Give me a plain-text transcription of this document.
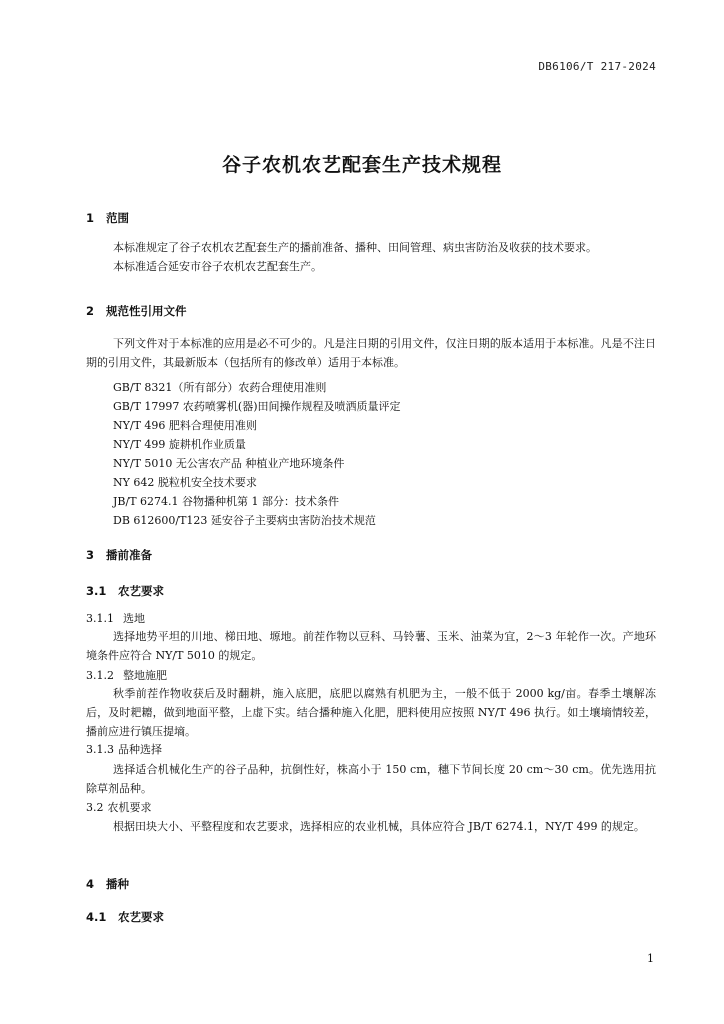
DB6106/T 217-2024
谷子农机农艺配套生产技术规程
1 范围
本标准规定了谷子农机农艺配套生产的播前准备、播种、田间管理、病虫害防治及收获的技术要求。
本标准适合延安市谷子农机农艺配套生产。
2 规范性引用文件
下列文件对于本标准的应用是必不可少的。凡是注日期的引用文件，仅注日期的版本适用于本标准。凡是不注日期的引用文件，其最新版本（包括所有的修改单）适用于本标准。
GB/T 8321（所有部分）农药合理使用准则
GB/T 17997 农药喷雾机(器)田间操作规程及喷洒质量评定
NY/T 496 肥料合理使用准则
NY/T 499 旋耕机作业质量
NY/T 5010 无公害农产品 种植业产地环境条件
NY 642 脱粒机安全技术要求
JB/T 6274.1 谷物播种机第 1 部分：技术条件
DB 612600/T123 延安谷子主要病虫害防治技术规范
3 播前准备
3.1 农艺要求
3.1.1 选地
选择地势平坦的川地、梯田地、塬地。前茬作物以豆科、马铃薯、玉米、油菜为宜，2～3 年轮作一次。产地环境条件应符合 NY/T 5010 的规定。
3.1.2 整地施肥
秋季前茬作物收获后及时翻耕，施入底肥，底肥以腐熟有机肥为主，一般不低于 2000 kg/亩。春季土壤解冻后，及时耙耱，做到地面平整，上虚下实。结合播种施入化肥，肥料使用应按照 NY/T 496 执行。如土壤墒情较差，播前应进行镇压提墒。
3.1.3 品种选择
选择适合机械化生产的谷子品种，抗倒性好，株高小于 150 cm，穗下节间长度 20 cm～30 cm。优先选用抗除草剂品种。
3.2 农机要求
根据田块大小、平整程度和农艺要求，选择相应的农业机械，具体应符合 JB/T 6274.1，NY/T 499 的规定。
4 播种
4.1 农艺要求
1
